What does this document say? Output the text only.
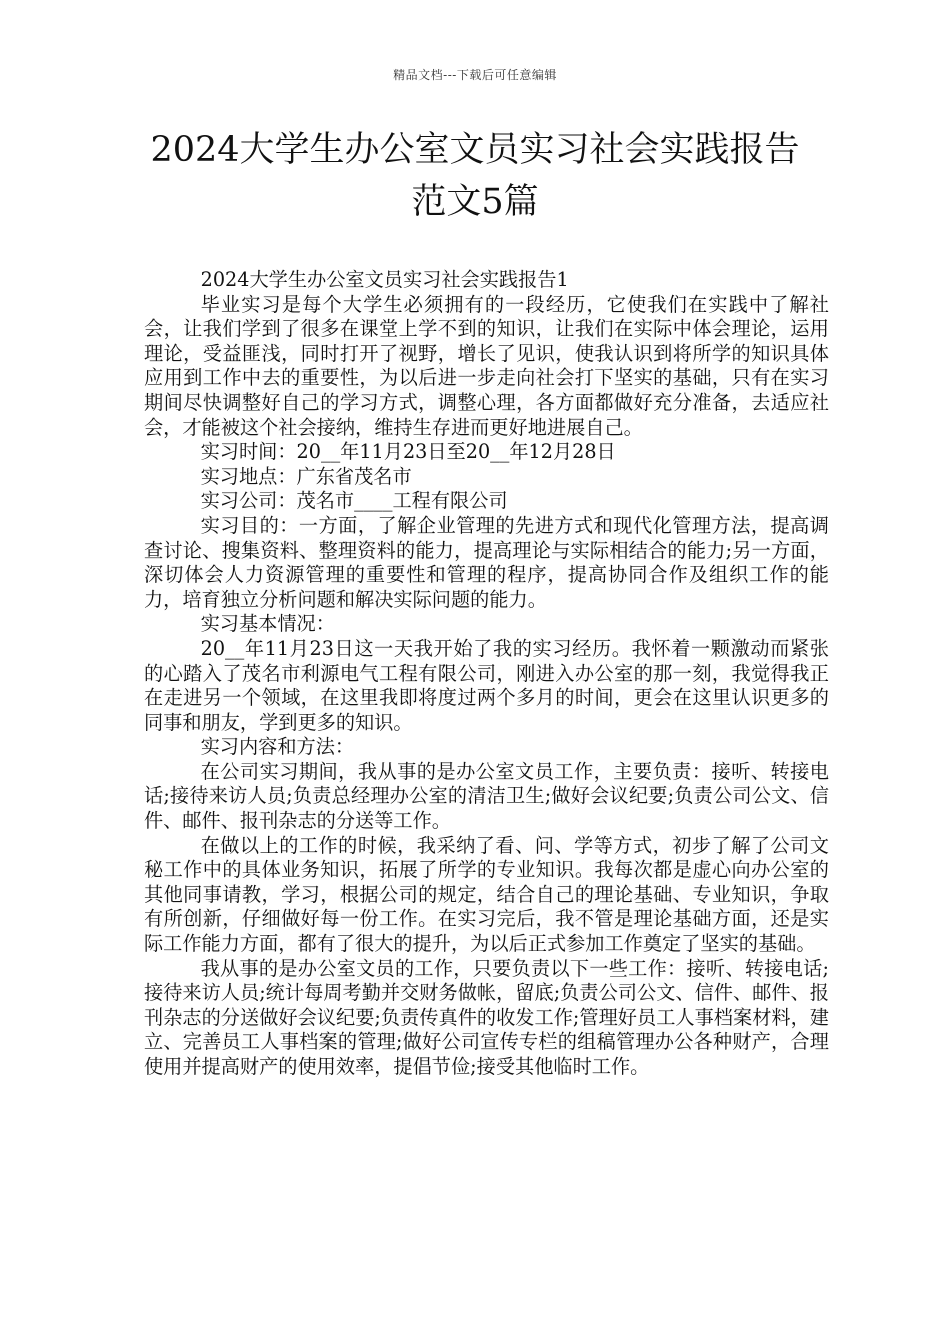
精品文档---下载后可任意编辑
2024大学生办公室文员实习社会实践报告
范文5篇

2024大学生办公室文员实习社会实践报告1

毕业实习是每个大学生必须拥有的一段经历，它使我们在实践中了解社会，让我们学到了很多在课堂上学不到的知识，让我们在实际中体会理论，运用理论，受益匪浅，同时打开了视野，增长了见识，使我认识到将所学的知识具体应用到工作中去的重要性，为以后进一步走向社会打下坚实的基础，只有在实习期间尽快调整好自己的学习方式，调整心理，各方面都做好充分准备，去适应社会，才能被这个社会接纳，维持生存进而更好地进展自己。

实习时间：20__年11月23日至20__年12月28日

实习地点：广东省茂名市

实习公司：茂名市____工程有限公司

实习目的：一方面，了解企业管理的先进方式和现代化管理方法，提高调查讨论、搜集资料、整理资料的能力，提高理论与实际相结合的能力;另一方面，深切体会人力资源管理的重要性和管理的程序，提高协同合作及组织工作的能力，培育独立分析问题和解决实际问题的能力。

实习基本情况：

20__年11月23日这一天我开始了我的实习经历。我怀着一颗激动而紧张的心踏入了茂名市利源电气工程有限公司，刚进入办公室的那一刻，我觉得我正在走进另一个领域，在这里我即将度过两个多月的时间，更会在这里认识更多的同事和朋友，学到更多的知识。

实习内容和方法：

在公司实习期间，我从事的是办公室文员工作，主要负责：接听、转接电话;接待来访人员;负责总经理办公室的清洁卫生;做好会议纪要;负责公司公文、信件、邮件、报刊杂志的分送等工作。

在做以上的工作的时候，我采纳了看、问、学等方式，初步了解了公司文秘工作中的具体业务知识，拓展了所学的专业知识。我每次都是虚心向办公室的其他同事请教，学习，根据公司的规定，结合自己的理论基础、专业知识，争取有所创新，仔细做好每一份工作。在实习完后，我不管是理论基础方面，还是实际工作能力方面，都有了很大的提升，为以后正式参加工作奠定了坚实的基础。

我从事的是办公室文员的工作，只要负责以下一些工作：接听、转接电话;接待来访人员;统计每周考勤并交财务做帐，留底;负责公司公文、信件、邮件、报刊杂志的分送做好会议纪要;负责传真件的收发工作;管理好员工人事档案材料，建立、完善员工人事档案的管理;做好公司宣传专栏的组稿管理办公各种财产，合理使用并提高财产的使用效率，提倡节俭;接受其他临时工作。
